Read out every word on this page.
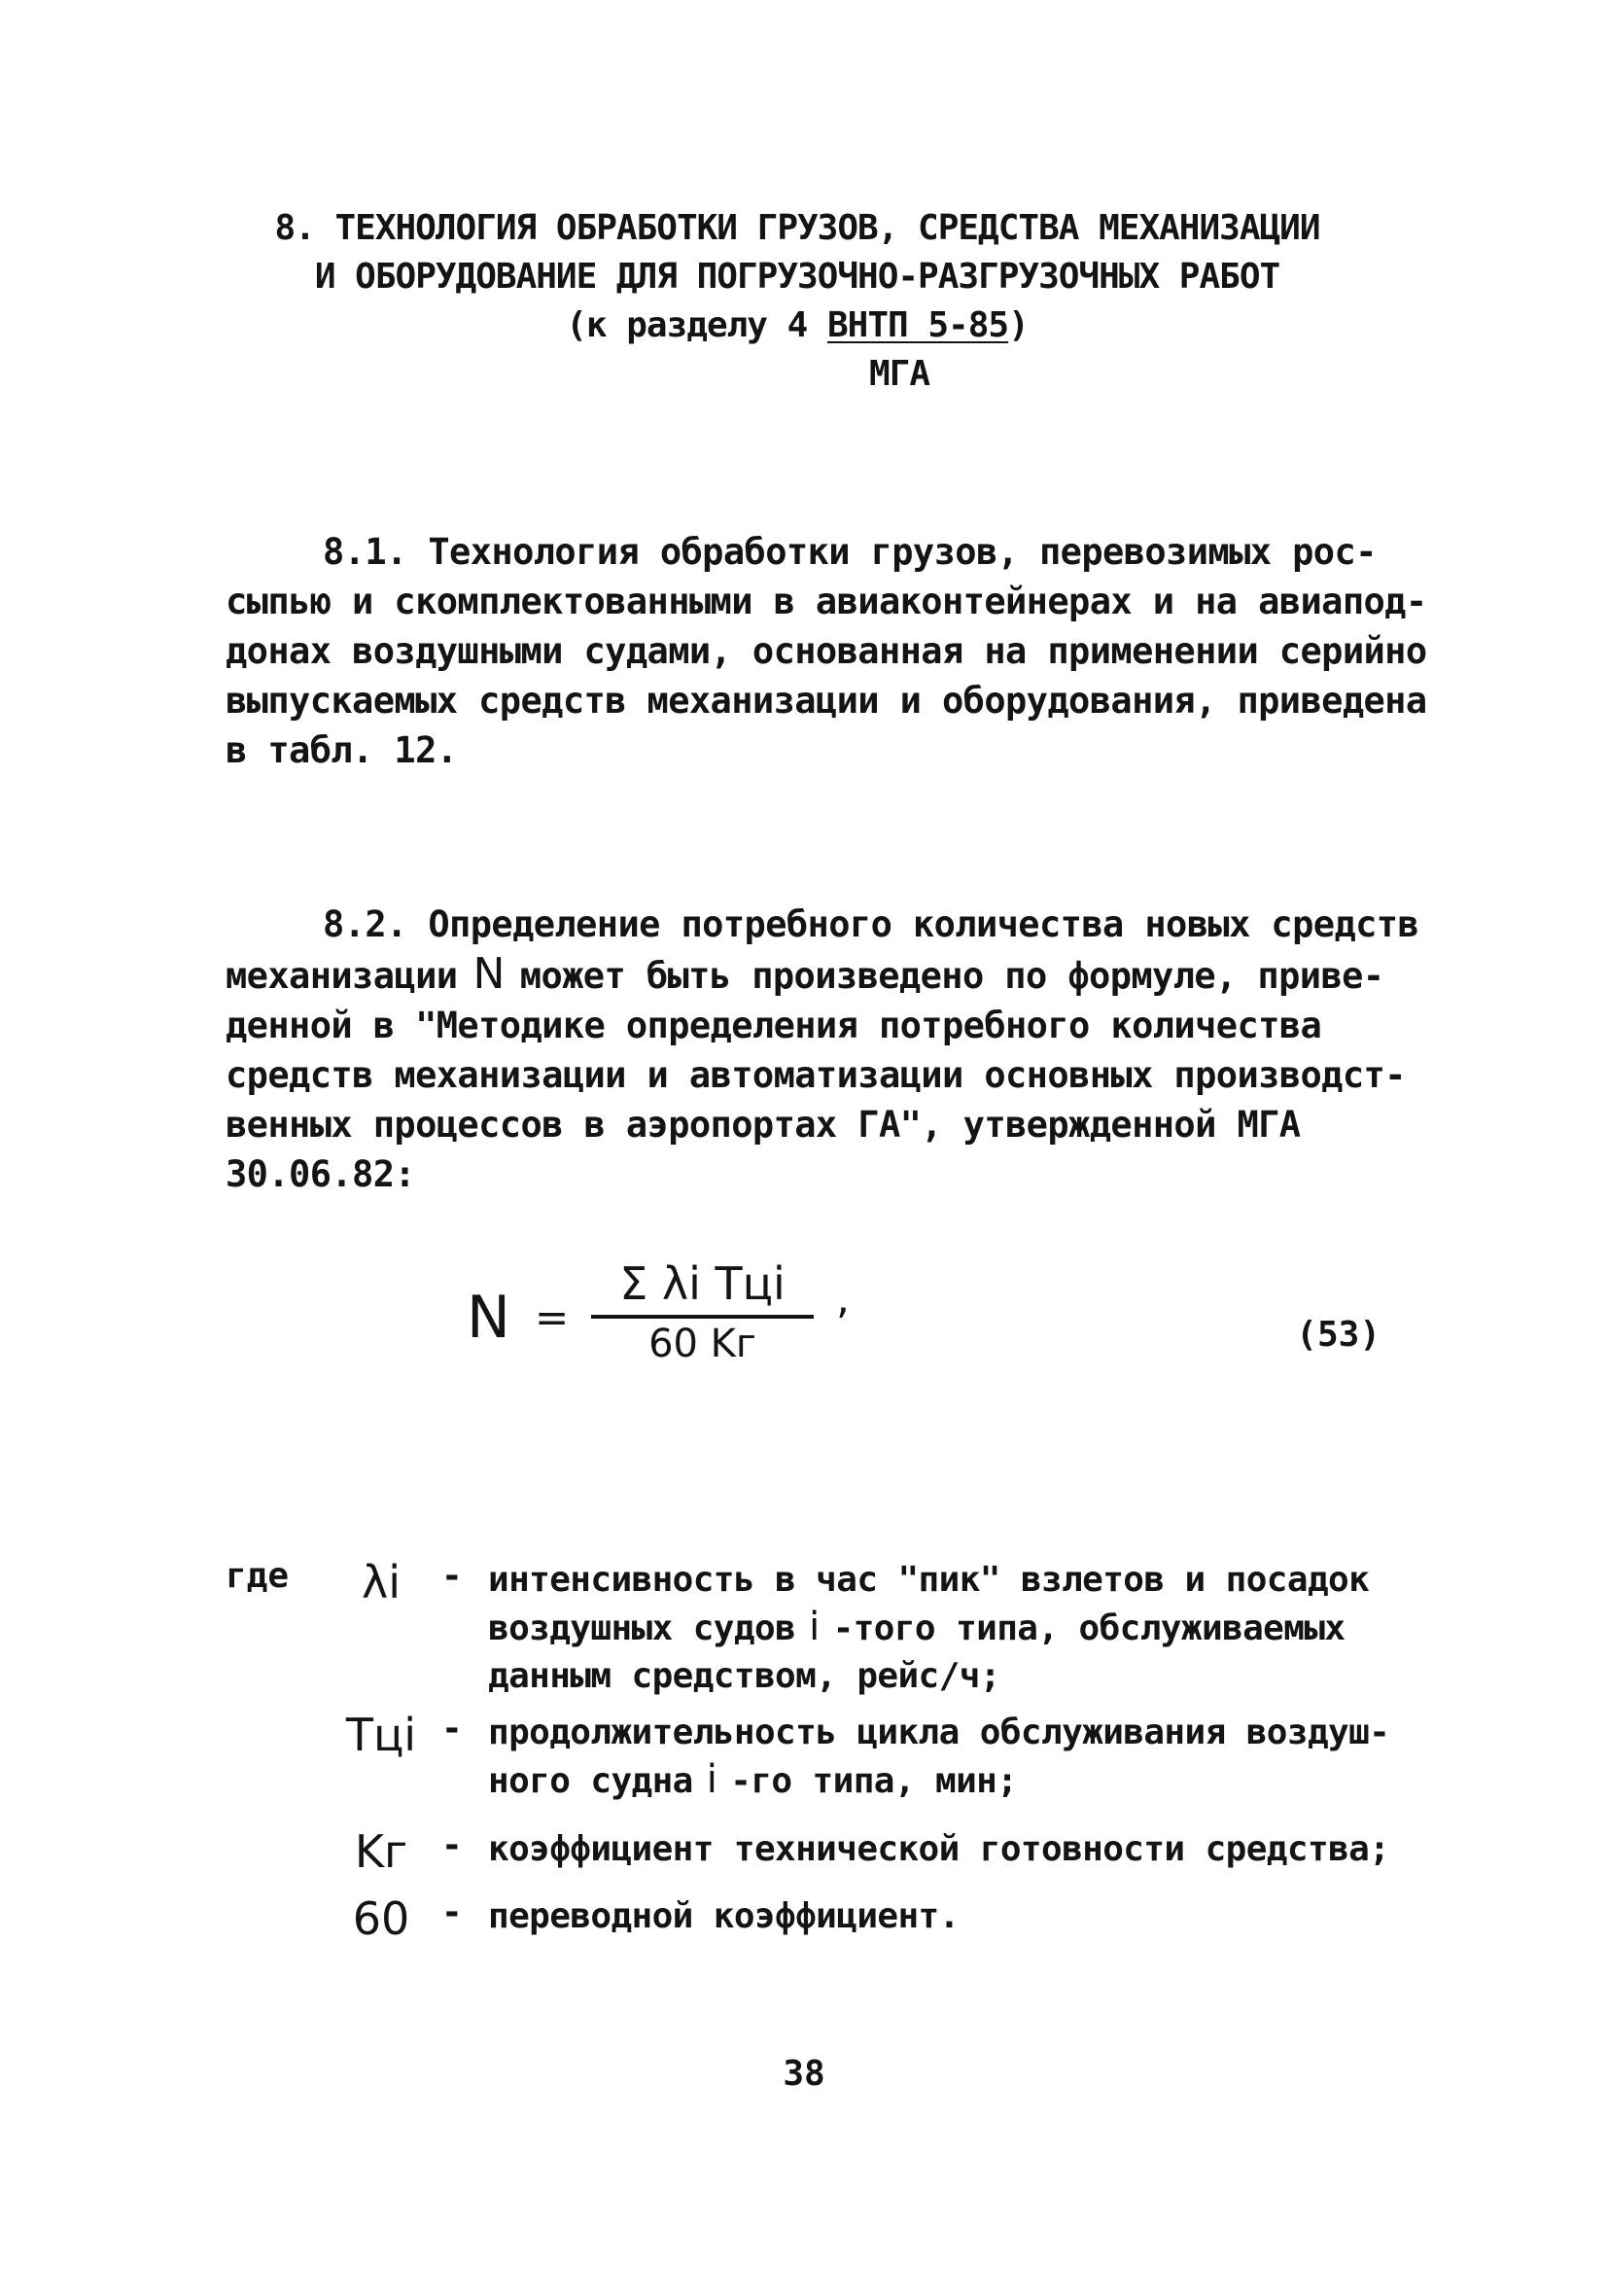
8. ТЕХНОЛОГИЯ ОБРАБОТКИ ГРУЗОВ, СРЕДСТВА МЕХАНИЗАЦИИ
И ОБОРУДОВАНИЕ ДЛЯ ПОГРУЗОЧНО-РАЗГРУЗОЧНЫХ РАБОТ
(к разделу 4 ВНТП 5-85)
МГА
8.1. Технология обработки грузов, перевозимых рос-
сыпью и скомплектованными в авиаконтейнерах и на авиапод-
донах воздушными судами, основанная на применении серийно
выпускаемых средств механизации и оборудования, приведена
в табл. 12.
8.2. Определение потребного количества новых средств
механизации N может быть произведено по формуле, приве-
денной в "Методике определения потребного количества
средств механизации и автоматизации основных производст-
венных процессов в аэропортах ГА", утвержденной МГА
30.06.82:
N =
Σ λi Tцi
60 Kг
,
(53)
где	λi	- интенсивность в час "пик" взлетов и посадок
воздушных судов i -того типа, обслуживаемых
данным средством, рейс/ч;
Tцi - продолжительность цикла обслуживания воздуш-
ного судна i -го типа, мин;
Kг - коэффициент технической готовности средства;
60 - переводной коэффициент.
38
